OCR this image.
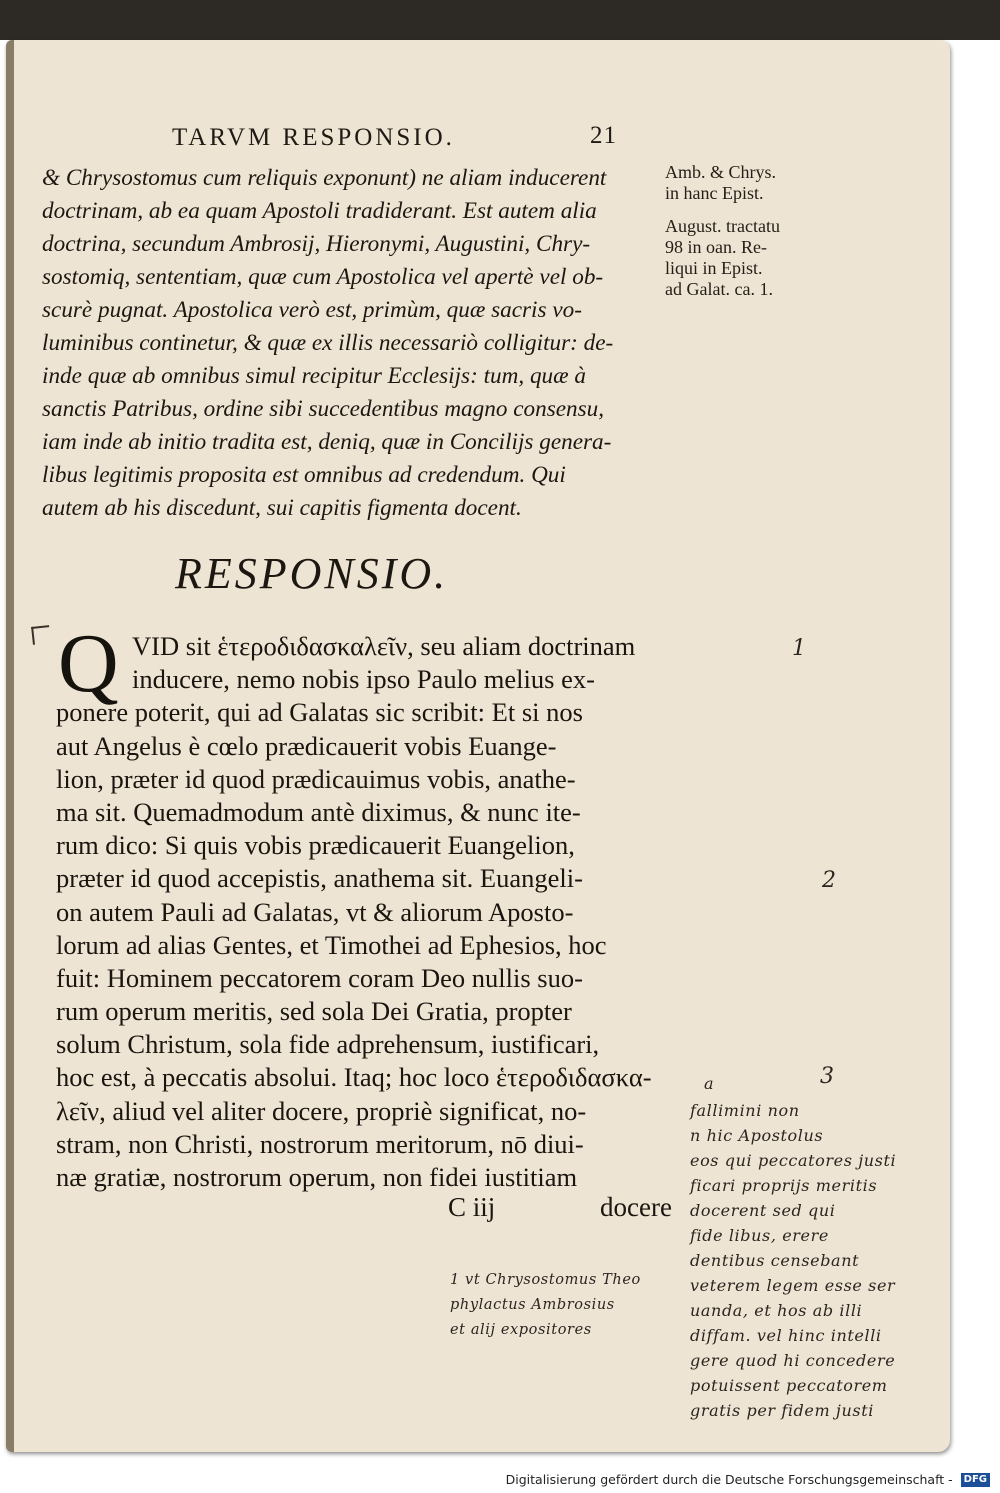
TARVM RESPONSIO.	21
& Chrysostomus cum reliquis exponunt) ne aliam inducerent
doctrinam, ab ea quam Apostoli tradiderant. Est autem alia
doctrina, secundum Ambrosij, Hieronymi, Augustini, Chry-
sostomiq, sententiam, quæ cum Apostolica vel apertè vel ob-
scurè pugnat. Apostolica verò est, primùm, quæ sacris vo-
luminibus continetur, & quæ ex illis necessariò colligitur: de-
inde quæ ab omnibus simul recipitur Ecclesijs: tum, quæ à
sanctis Patribus, ordine sibi succedentibus magno consensu,
iam inde ab initio tradita est, deniq, quæ in Concilijs genera-
libus legitimis proposita est omnibus ad credendum. Qui
autem ab his discedunt, sui capitis figmenta docent.
Amb. & Chrys.
in hanc Epist.
August. tractatu
98 in oan. Re-
liqui in Epist.
ad Galat. ca. 1.
RESPONSIO.
Q VID sit ἑτεροδιδασκαλεῖν, seu aliam doctrinam
inducere, nemo nobis ipso Paulo melius ex-
ponere poterit, qui ad Galatas sic scribit: Et si nos
aut Angelus è cœlo prædicauerit vobis Euange-
lion, præter id quod prædicauimus vobis, anathe-
ma sit. Quemadmodum antè diximus, & nunc ite-
rum dico: Si quis vobis prædicauerit Euangelion,
præter id quod accepistis, anathema sit. Euangeli-
on autem Pauli ad Galatas, vt & aliorum Aposto-
lorum ad alias Gentes, et Timothei ad Ephesios, hoc
fuit: Hominem peccatorem coram Deo nullis suo-
rum operum meritis, sed sola Dei Gratia, propter
solum Christum, sola fide adprehensum, iustificari,
hoc est, à peccatis absolui. Itaq; hoc loco ἑτεροδιδασκα-
λεῖν, aliud vel aliter docere, propriè significat, no-
stram, non Christi, nostrorum meritorum, nō diui-
næ gratiæ, nostrorum operum, non fidei iustitiam
C iij	docere
1
2
3
a
fallimini non
n hic Apostolus
eos qui peccatores justi
ficari proprijs meritis
docerent sed qui
fide libus, erere
dentibus censebant
veterem legem esse ser
uanda, et hos ab illi
diffam. vel hinc intelli
gere quod hi concedere
potuissent peccatorem
gratis per fidem justi
1 vt Chrysostomus Theo
phylactus Ambrosius
et alij expositores
Digitalisierung gefördert durch die Deutsche Forschungsgemeinschaft - DFG
